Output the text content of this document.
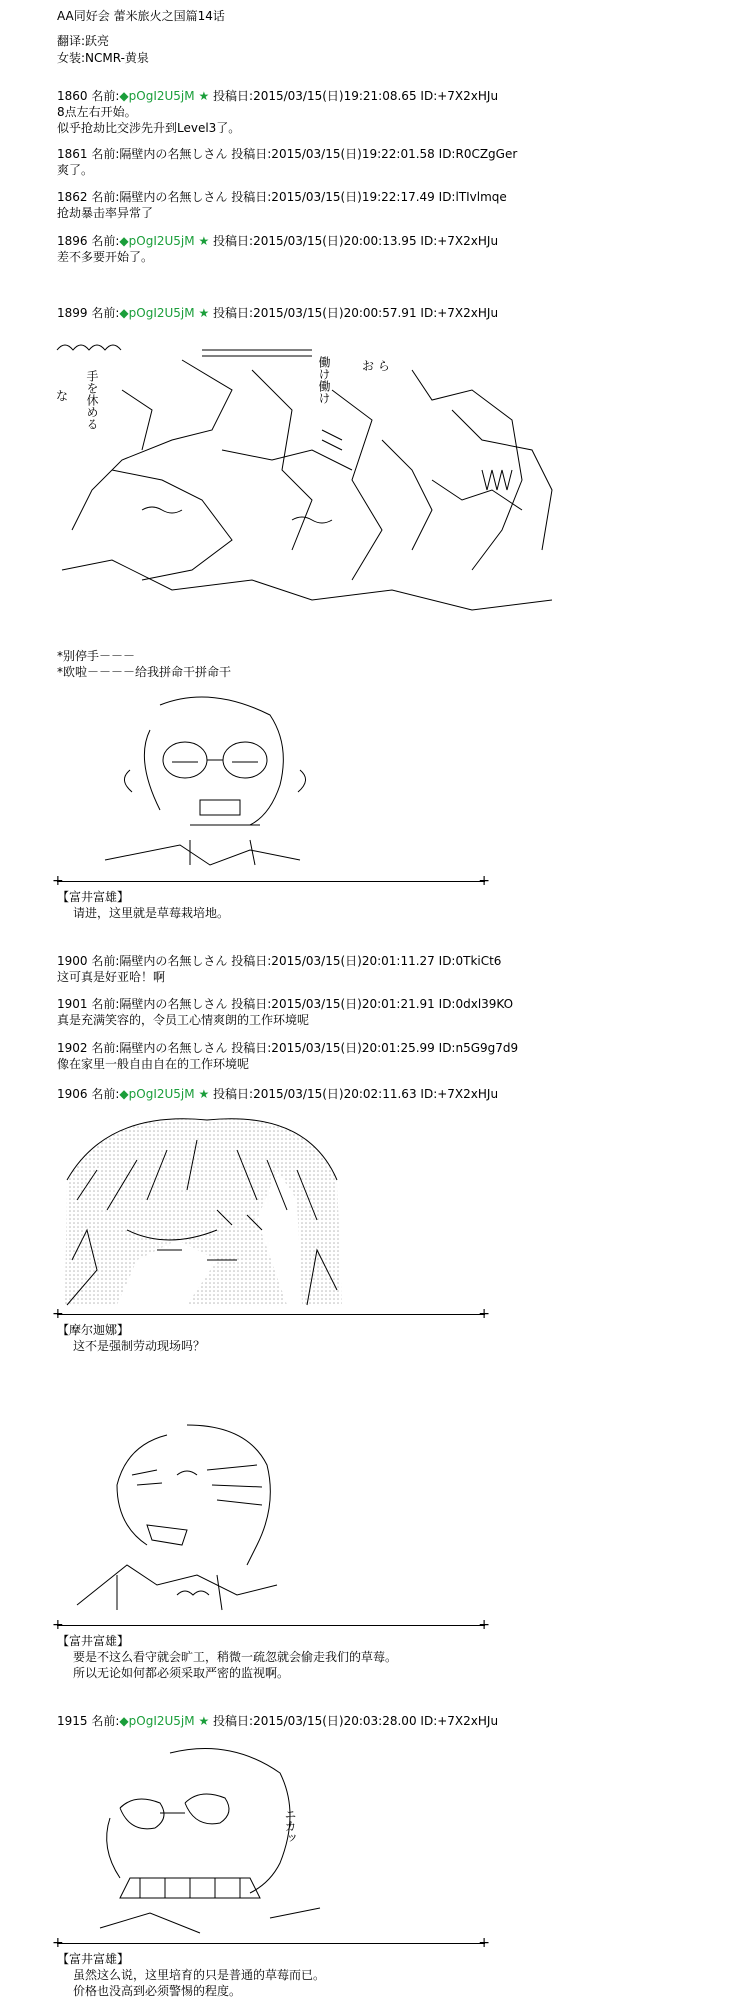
AA同好会 蕾米旅火之国篇14话
翻译:跃亮
女装:NCMR-黄泉
1860 名前:◆pOgI2U5jM ★ 投稿日:2015/03/15(日)19:21:08.65 ID:+7X2xHJu
8点左右开始。
似乎抢劫比交涉先升到Level3了。
1861 名前:隔壁内の名無しさん 投稿日:2015/03/15(日)19:22:01.58 ID:R0CZgGer
爽了。
1862 名前:隔壁内の名無しさん 投稿日:2015/03/15(日)19:22:17.49 ID:lTIvlmqe
抢劫暴击率异常了
1896 名前:◆pOgI2U5jM ★ 投稿日:2015/03/15(日)20:00:13.95 ID:+7X2xHJu
差不多要开始了。
1899 名前:◆pOgI2U5jM ★ 投稿日:2015/03/15(日)20:00:57.91 ID:+7X2xHJu
な 手を休める	働け働け	お ら
*别停手－－－
*欧啦－－－－给我拼命干拼命干
+ +
【富井富雄】
请进，这里就是草莓栽培地。
1900 名前:隔壁内の名無しさん 投稿日:2015/03/15(日)20:01:11.27 ID:0TkiCt6
这可真是好亚哈！啊
1901 名前:隔壁内の名無しさん 投稿日:2015/03/15(日)20:01:21.91 ID:0dxl39KO
真是充满笑容的，令员工心情爽朗的工作环境呢
1902 名前:隔壁内の名無しさん 投稿日:2015/03/15(日)20:01:25.99 ID:n5G9g7d9
像在家里一般自由自在的工作环境呢
1906 名前:◆pOgI2U5jM ★ 投稿日:2015/03/15(日)20:02:11.63 ID:+7X2xHJu
+ +
【摩尔迦娜】
这不是强制劳动现场吗？
+ +
【富井富雄】
要是不这么看守就会旷工，稍微一疏忽就会偷走我们的草莓。
所以无论如何都必须采取严密的监视啊。
1915 名前:◆pOgI2U5jM ★ 投稿日:2015/03/15(日)20:03:28.00 ID:+7X2xHJu
ニカッ
+ +
【富井富雄】
虽然这么说，这里培育的只是普通的草莓而已。
价格也没高到必须警惕的程度。
